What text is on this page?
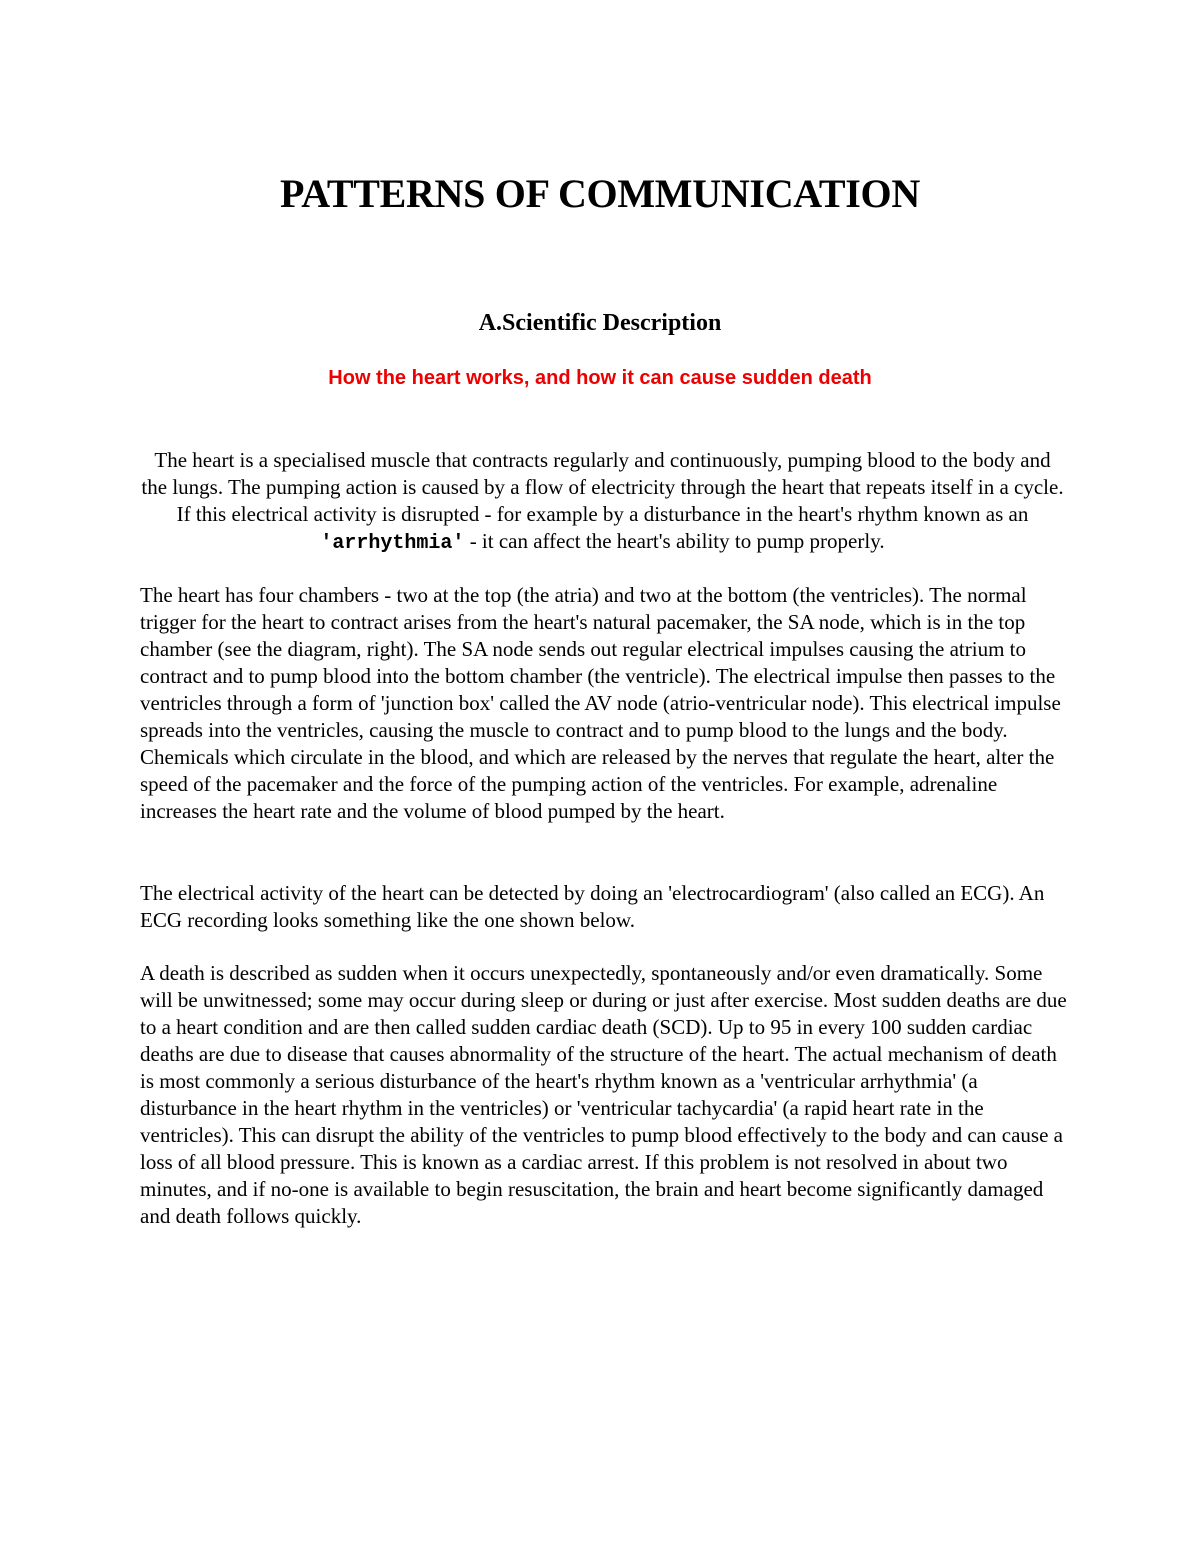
PATTERNS OF COMMUNICATION
A.Scientific Description
How the heart works, and how it can cause sudden death

The heart is a specialised muscle that contracts regularly and continuously, pumping blood to the body and the lungs. The pumping action is caused by a flow of electricity through the heart that repeats itself in a cycle. If this electrical activity is disrupted - for example by a disturbance in the heart's rhythm known as an 'arrhythmia' - it can affect the heart's ability to pump properly.

The heart has four chambers - two at the top (the atria) and two at the bottom (the ventricles). The normal trigger for the heart to contract arises from the heart's natural pacemaker, the SA node, which is in the top chamber (see the diagram, right). The SA node sends out regular electrical impulses causing the atrium to contract and to pump blood into the bottom chamber (the ventricle). The electrical impulse then passes to the ventricles through a form of 'junction box' called the AV node (atrio-ventricular node). This electrical impulse spreads into the ventricles, causing the muscle to contract and to pump blood to the lungs and the body. Chemicals which circulate in the blood, and which are released by the nerves that regulate the heart, alter the speed of the pacemaker and the force of the pumping action of the ventricles. For example, adrenaline increases the heart rate and the volume of blood pumped by the heart.

The electrical activity of the heart can be detected by doing an 'electrocardiogram' (also called an ECG). An ECG recording looks something like the one shown below.

A death is described as sudden when it occurs unexpectedly, spontaneously and/or even dramatically. Some will be unwitnessed; some may occur during sleep or during or just after exercise. Most sudden deaths are due to a heart condition and are then called sudden cardiac death (SCD). Up to 95 in every 100 sudden cardiac deaths are due to disease that causes abnormality of the structure of the heart. The actual mechanism of death is most commonly a serious disturbance of the heart's rhythm known as a 'ventricular arrhythmia' (a disturbance in the heart rhythm in the ventricles) or 'ventricular tachycardia' (a rapid heart rate in the ventricles). This can disrupt the ability of the ventricles to pump blood effectively to the body and can cause a loss of all blood pressure. This is known as a cardiac arrest. If this problem is not resolved in about two minutes, and if no-one is available to begin resuscitation, the brain and heart become significantly damaged and death follows quickly.
